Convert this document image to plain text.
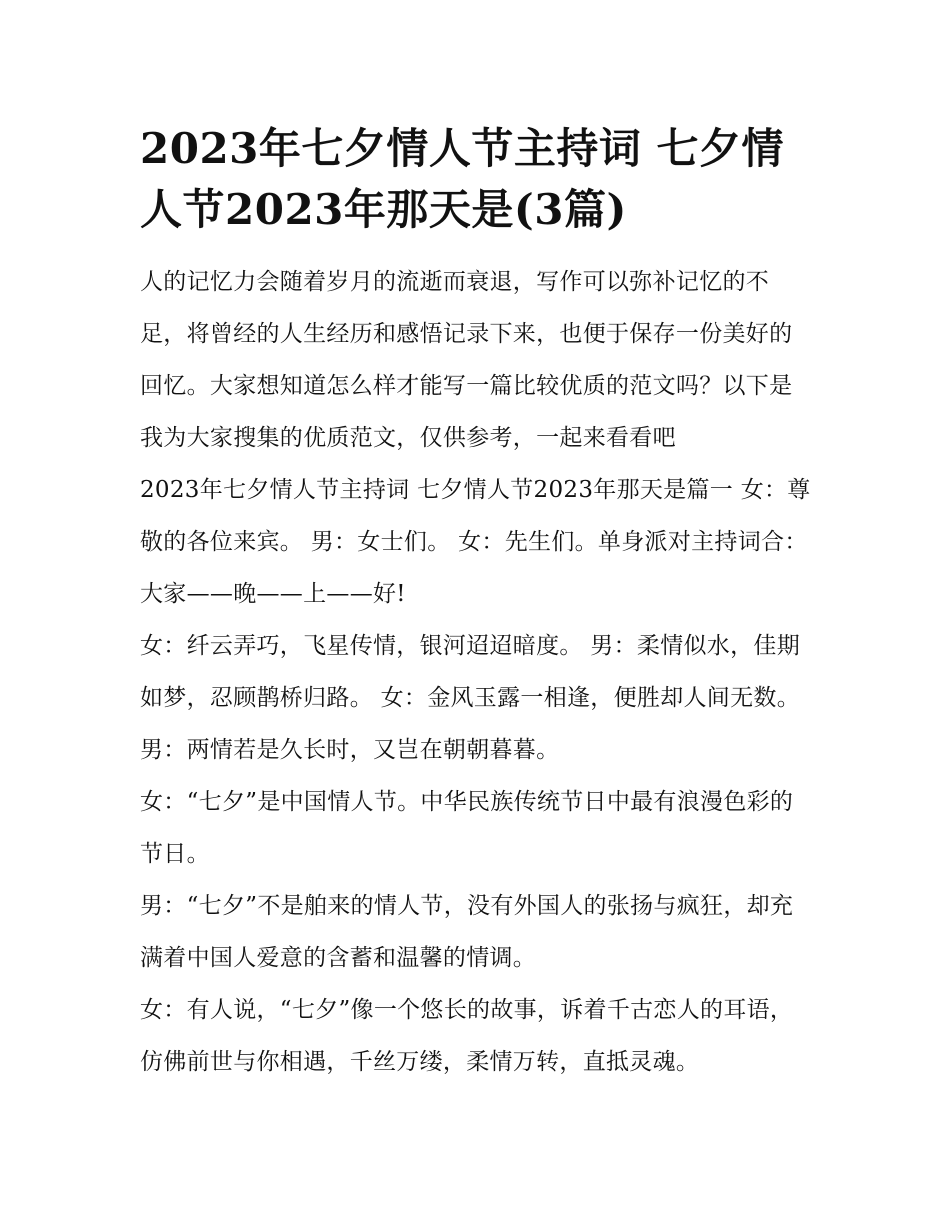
2023年七夕情人节主持词 七夕情人节2023年那天是(3篇)

人的记忆力会随着岁月的流逝而衰退，写作可以弥补记忆的不足，将曾经的人生经历和感悟记录下来，也便于保存一份美好的回忆。大家想知道怎么样才能写一篇比较优质的范文吗？以下是我为大家搜集的优质范文，仅供参考，一起来看看吧

2023年七夕情人节主持词 七夕情人节2023年那天是篇一 女：尊敬的各位来宾。 男：女士们。 女：先生们。单身派对主持词合：大家——晚——上——好!

女：纤云弄巧，飞星传情，银河迢迢暗度。 男：柔情似水，佳期如梦，忍顾鹊桥归路。 女：金风玉露一相逢，便胜却人间无数。 男：两情若是久长时，又岂在朝朝暮暮。

女：“七夕”是中国情人节。中华民族传统节日中最有浪漫色彩的节日。

男：“七夕”不是舶来的情人节，没有外国人的张扬与疯狂，却充满着中国人爱意的含蓄和温馨的情调。

女：有人说，“七夕”像一个悠长的故事，诉着千古恋人的耳语，仿佛前世与你相遇，千丝万缕，柔情万转，直抵灵魂。
